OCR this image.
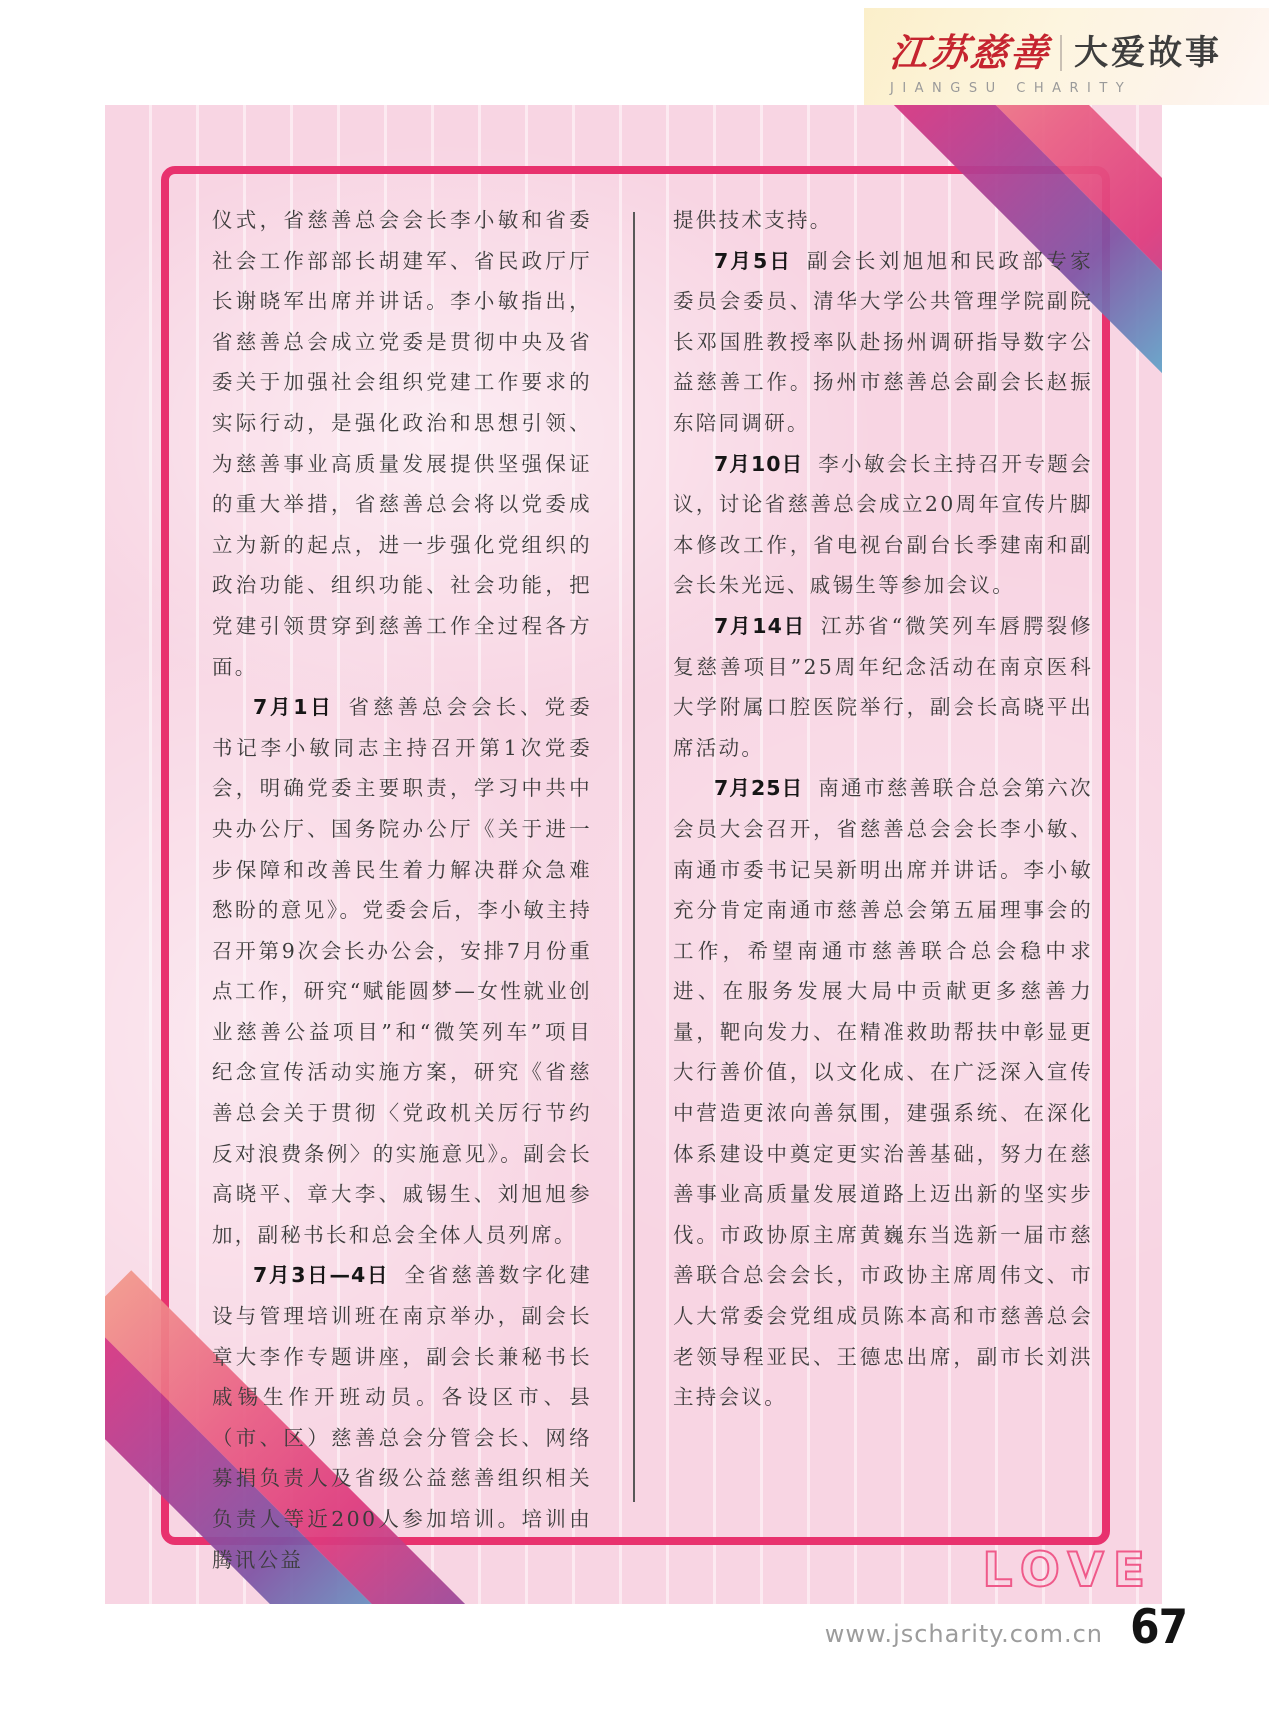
江苏慈善 大爱故事
JIANGSU CHARITY

仪式，省慈善总会会长李小敏和省委社会工作部部长胡建军、省民政厅厅长谢晓军出席并讲话。李小敏指出，省慈善总会成立党委是贯彻中央及省委关于加强社会组织党建工作要求的实际行动，是强化政治和思想引领、为慈善事业高质量发展提供坚强保证的重大举措，省慈善总会将以党委成立为新的起点，进一步强化党组织的政治功能、组织功能、社会功能，把党建引领贯穿到慈善工作全过程各方面。

7月1日 省慈善总会会长、党委书记李小敏同志主持召开第1次党委会，明确党委主要职责，学习中共中央办公厅、国务院办公厅《关于进一步保障和改善民生着力解决群众急难愁盼的意见》。党委会后，李小敏主持召开第9次会长办公会，安排7月份重点工作，研究“赋能圆梦—女性就业创业慈善公益项目”和“微笑列车”项目纪念宣传活动实施方案，研究《省慈善总会关于贯彻〈党政机关厉行节约反对浪费条例〉的实施意见》。副会长高晓平、章大李、戚锡生、刘旭旭参加，副秘书长和总会全体人员列席。

7月3日—4日 全省慈善数字化建设与管理培训班在南京举办，副会长章大李作专题讲座，副会长兼秘书长戚锡生作开班动员。各设区市、县（市、区）慈善总会分管会长、网络募捐负责人及省级公益慈善组织相关负责人等近200人参加培训。培训由腾讯公益

提供技术支持。

7月5日 副会长刘旭旭和民政部专家委员会委员、清华大学公共管理学院副院长邓国胜教授率队赴扬州调研指导数字公益慈善工作。扬州市慈善总会副会长赵振东陪同调研。

7月10日 李小敏会长主持召开专题会议，讨论省慈善总会成立20周年宣传片脚本修改工作，省电视台副台长季建南和副会长朱光远、戚锡生等参加会议。

7月14日 江苏省“微笑列车唇腭裂修复慈善项目”25周年纪念活动在南京医科大学附属口腔医院举行，副会长高晓平出席活动。

7月25日 南通市慈善联合总会第六次会员大会召开，省慈善总会会长李小敏、南通市委书记吴新明出席并讲话。李小敏充分肯定南通市慈善总会第五届理事会的工作，希望南通市慈善联合总会稳中求进、在服务发展大局中贡献更多慈善力量，靶向发力、在精准救助帮扶中彰显更大行善价值，以文化成、在广泛深入宣传中营造更浓向善氛围，建强系统、在深化体系建设中奠定更实治善基础，努力在慈善事业高质量发展道路上迈出新的坚实步伐。市政协原主席黄巍东当选新一届市慈善联合总会会长，市政协主席周伟文、市人大常委会党组成员陈本高和市慈善总会老领导程亚民、王德忠出席，副市长刘洪主持会议。

LOVE
www.jscharity.com.cn 67
